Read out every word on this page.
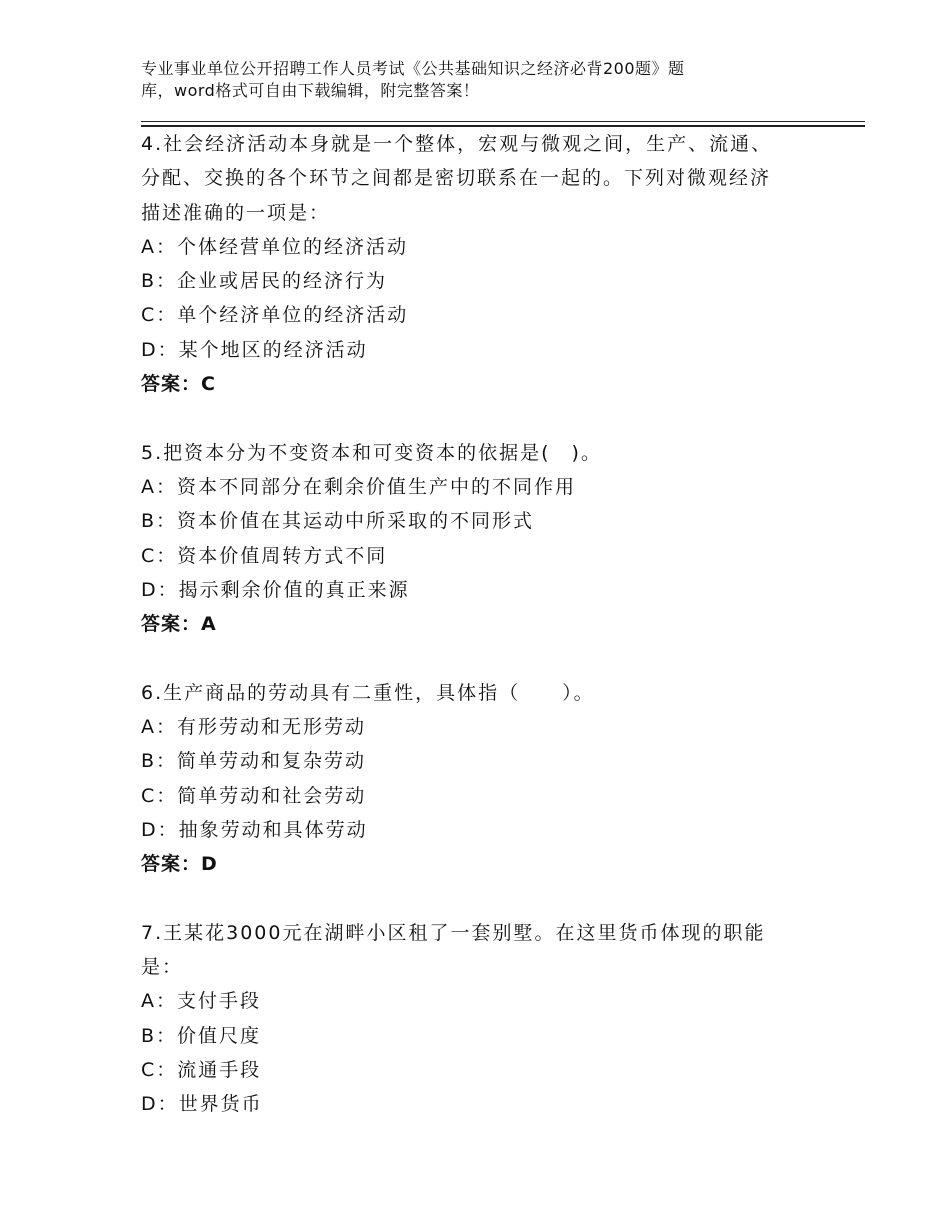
专业事业单位公开招聘工作人员考试《公共基础知识之经济必背200题》题
库，word格式可自由下载编辑，附完整答案！
4.社会经济活动本身就是一个整体，宏观与微观之间，生产、流通、
分配、交换的各个环节之间都是密切联系在一起的。下列对微观经济
描述准确的一项是：
A：个体经营单位的经济活动
B：企业或居民的经济行为
C：单个经济单位的经济活动
D：某个地区的经济活动
答案：C
5.把资本分为不变资本和可变资本的依据是(　)。
A：资本不同部分在剩余价值生产中的不同作用
B：资本价值在其运动中所采取的不同形式
C：资本价值周转方式不同
D：揭示剩余价值的真正来源
答案：A
6.生产商品的劳动具有二重性，具体指（　　）。
A：有形劳动和无形劳动
B：简单劳动和复杂劳动
C：简单劳动和社会劳动
D：抽象劳动和具体劳动
答案：D
7.王某花3000元在湖畔小区租了一套别墅。在这里货币体现的职能
是：
A：支付手段
B：价值尺度
C：流通手段
D：世界货币
